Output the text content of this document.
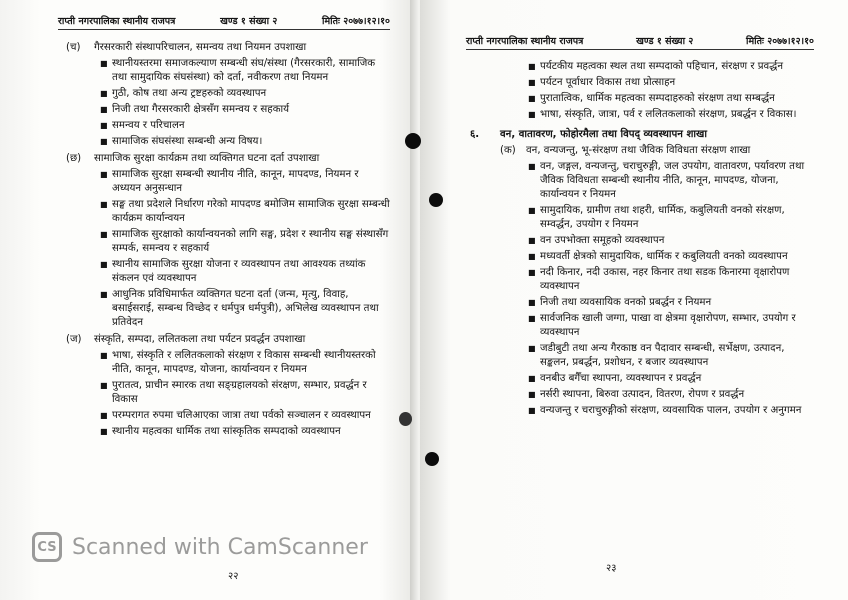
राप्ती नगरपालिका स्थानीय राजपत्र	खण्ड १ संख्या २	मितिः २०७७।१२।१०
(च)	गैरसरकारी संस्थापरिचालन, समन्वय तथा नियमन उपशाखा
■ स्थानीयस्तरमा समाजकल्याण सम्बन्धी संघ/संस्था (गैरसरकारी, सामाजिक तथा सामुदायिक संघसंस्था) को दर्ता, नवीकरण तथा नियमन
■ गुठी, कोष तथा अन्य ट्रष्टहरुको व्यवस्थापन
■ निजी तथा गैरसरकारी क्षेत्रसँग समन्वय र सहकार्य
■ समन्वय र परिचालन
■ सामाजिक संघसंस्था सम्बन्धी अन्य विषय।
(छ)	सामाजिक सुरक्षा कार्यक्रम तथा व्यक्तिगत घटना दर्ता उपशाखा
■ सामाजिक सुरक्षा सम्बन्धी स्थानीय नीति, कानून, मापदण्ड, नियमन र अध्ययन अनुसन्धान
■ सङ्घ तथा प्रदेशले निर्धारण गरेको मापदण्ड बमोजिम सामाजिक सुरक्षा सम्बन्धी कार्यक्रम कार्यान्वयन
■ सामाजिक सुरक्षाको कार्यान्वयनको लागि सङ्घ, प्रदेश र स्थानीय सङ्घ संस्थासँग सम्पर्क, समन्वय र सहकार्य
■ स्थानीय सामाजिक सुरक्षा योजना र व्यवस्थापन तथा आवश्यक तथ्यांक संकलन एवं व्यवस्थापन
■ आधुनिक प्रविधिमार्फत व्यक्तिगत घटना दर्ता (जन्म, मृत्यु, विवाह, बसाईसराई, सम्बन्ध विच्छेद र धर्मपुत्र धर्मपुत्री), अभिलेख व्यवस्थापन तथा प्रतिवेदन
(ज)	संस्कृति, सम्पदा, ललितकला तथा पर्यटन प्रवर्द्धन उपशाखा
■ भाषा, संस्कृति र ललितकलाको संरक्षण र विकास सम्बन्धी स्थानीयस्तरको नीति, कानून, मापदण्ड, योजना, कार्यान्वयन र नियमन
■ पुरातत्व, प्राचीन स्मारक तथा सङ्ग्रहालयको संरक्षण, सम्भार, प्रवर्द्धन र विकास
■ परम्परागत रुपमा चलिआएका जात्रा तथा पर्वको सञ्चालन र व्यवस्थापन
■ स्थानीय महत्वका धार्मिक तथा सांस्कृतिक सम्पदाको व्यवस्थापन
२२
राप्ती नगरपालिका स्थानीय राजपत्र	खण्ड १ संख्या २	मितिः २०७७।१२।१०
■ पर्यटकीय महत्वका स्थल तथा सम्पदाको पहिचान, संरक्षण र प्रवर्द्धन
■ पर्यटन पूर्वाधार विकास तथा प्रोत्साहन
■ पुरातात्विक, धार्मिक महत्वका सम्पदाहरुको संरक्षण तथा सम्बर्द्धन
■ भाषा, संस्कृति, जात्रा, पर्व र ललितकलाको संरक्षण, प्रबर्द्धन र विकास।
६.	वन, वातावरण, फोहोरमैला तथा विपद् व्यवस्थापन शाखा
(क)	वन, वन्यजन्तु, भू-संरक्षण तथा जैविक विविधता संरक्षण शाखा
■ वन, जङ्गल, वन्यजन्तु, चराचुरुङ्गी, जल उपयोग, वातावरण, पर्यावरण तथा जैविक विविधता सम्बन्धी स्थानीय नीति, कानून, मापदण्ड, योजना, कार्यान्वयन र नियमन
■ सामुदायिक, ग्रामीण तथा शहरी, धार्मिक, कबुलियती वनको संरक्षण, सम्वर्द्धन, उपयोग र नियमन
■ वन उपभोक्ता समूहको व्यवस्थापन
■ मध्यवर्ती क्षेत्रको सामुदायिक, धार्मिक र कबुलियती वनको व्यवस्थापन
■ नदी किनार, नदी उकास, नहर किनार तथा सडक किनारमा वृक्षारोपण व्यवस्थापन
■ निजी तथा व्यवसायिक वनको प्रबर्द्धन र नियमन
■ सार्वजनिक खाली जग्गा, पाखा वा क्षेत्रमा वृक्षारोपण, सम्भार, उपयोग र व्यवस्थापन
■ जडीबुटी तथा अन्य गैरकाष्ठ वन पैदावार सम्बन्धी, सर्भेक्षण, उत्पादन, सङ्कलन, प्रबर्द्धन, प्रशोधन, र बजार व्यवस्थापन
■ वनबीउ बगैँचा स्थापना, व्यवस्थापन र प्रवर्द्धन
■ नर्सरी स्थापना, बिरुवा उत्पादन, वितरण, रोपण र प्रवर्द्धन
■ वन्यजन्तु र चराचुरुङ्गीको संरक्षण, व्यवसायिक पालन, उपयोग र अनुगमन
२३
CS Scanned with CamScanner
